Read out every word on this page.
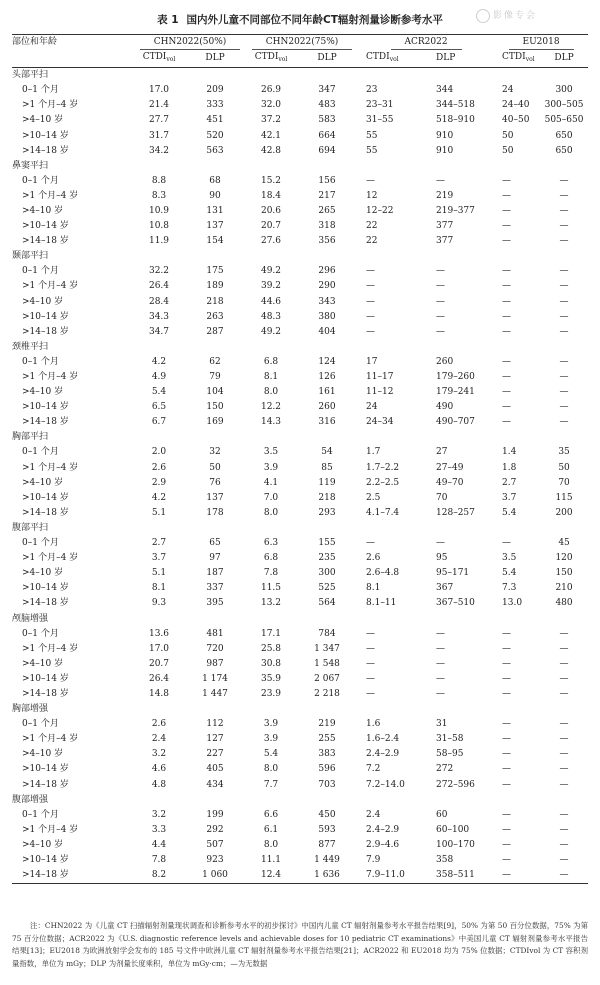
影像专会
表 1 国内外儿童不同部位不同年龄CT辐射剂量诊断参考水平
部位和年龄	CHN2022(50%)		CHN2022(75%)		ACR2022		EU2018	
	$CTDI_{vol}$	DLP	$CTDI_{vol}$	DLP	$CTDI_{vol}$	DLP	$CTDI_{vol}$	DLP
头部平扫								
0–1 个月	17.0	209	26.9	347	23	344	24	300
>1 个月–4 岁	21.4	333	32.0	483	23–31	344–518	24–40	300–505
>4–10 岁	27.7	451	37.2	583	31–55	518–910	40–50	505–650
>10–14 岁	31.7	520	42.1	664	55	910	50	650
>14–18 岁	34.2	563	42.8	694	55	910	50	650
鼻窦平扫								
0–1 个月	8.8	68	15.2	156	—	—	—	—
>1 个月–4 岁	8.3	90	18.4	217	12	219	—	—
>4–10 岁	10.9	131	20.6	265	12–22	219–377	—	—
>10–14 岁	10.8	137	20.7	318	22	377	—	—
>14–18 岁	11.9	154	27.6	356	22	377	—	—
颞部平扫								
0–1 个月	32.2	175	49.2	296	—	—	—	—
>1 个月–4 岁	26.4	189	39.2	290	—	—	—	—
>4–10 岁	28.4	218	44.6	343	—	—	—	—
>10–14 岁	34.3	263	48.3	380	—	—	—	—
>14–18 岁	34.7	287	49.2	404	—	—	—	—
颈椎平扫								
0–1 个月	4.2	62	6.8	124	17	260	—	—
>1 个月–4 岁	4.9	79	8.1	126	11–17	179–260	—	—
>4–10 岁	5.4	104	8.0	161	11–12	179–241	—	—
>10–14 岁	6.5	150	12.2	260	24	490	—	—
>14–18 岁	6.7	169	14.3	316	24–34	490–707	—	—
胸部平扫								
0–1 个月	2.0	32	3.5	54	1.7	27	1.4	35
>1 个月–4 岁	2.6	50	3.9	85	1.7–2.2	27–49	1.8	50
>4–10 岁	2.9	76	4.1	119	2.2–2.5	49–70	2.7	70
>10–14 岁	4.2	137	7.0	218	2.5	70	3.7	115
>14–18 岁	5.1	178	8.0	293	4.1–7.4	128–257	5.4	200
腹部平扫								
0–1 个月	2.7	65	6.3	155	—	—	—	45
>1 个月–4 岁	3.7	97	6.8	235	2.6	95	3.5	120
>4–10 岁	5.1	187	7.8	300	2.6–4.8	95–171	5.4	150
>10–14 岁	8.1	337	11.5	525	8.1	367	7.3	210
>14–18 岁	9.3	395	13.2	564	8.1–11	367–510	13.0	480
颅脑增强								
0–1 个月	13.6	481	17.1	784	—	—	—	—
>1 个月–4 岁	17.0	720	25.8	1 347	—	—	—	—
>4–10 岁	20.7	987	30.8	1 548	—	—	—	—
>10–14 岁	26.4	1 174	35.9	2 067	—	—	—	—
>14–18 岁	14.8	1 447	23.9	2 218	—	—	—	—
胸部增强								
0–1 个月	2.6	112	3.9	219	1.6	31	—	—
>1 个月–4 岁	2.4	127	3.9	255	1.6–2.4	31–58	—	—
>4–10 岁	3.2	227	5.4	383	2.4–2.9	58–95	—	—
>10–14 岁	4.6	405	8.0	596	7.2	272	—	—
>14–18 岁	4.8	434	7.7	703	7.2–14.0	272–596	—	—
腹部增强								
0–1 个月	3.2	199	6.6	450	2.4	60	—	—
>1 个月–4 岁	3.3	292	6.1	593	2.4–2.9	60–100	—	—
>4–10 岁	4.4	507	8.0	877	2.9–4.6	100–170	—	—
>10–14 岁	7.8	923	11.1	1 449	7.9	358	—	—
>14–18 岁	8.2	1 060	12.4	1 636	7.9–11.0	358–511	—	—

注：CHN2022 为《儿童 CT 扫描辐射剂量现状调查和诊断参考水平的初步探讨》中国内儿童 CT 辐射剂量参考水平报告结果[9]，50% 为第 50 百分位数据，75% 为第 75 百分位数据；ACR2022 为《U.S. diagnostic reference levels and achievable doses for 10 pediatric CT examinations》中美国儿童 CT 辐射剂量参考水平报告结果[13]；EU2018 为欧洲放射学会发布的 185 号文件中欧洲儿童 CT 辐射剂量参考水平报告结果[21]；ACR2022 和 EU2018 均为 75% 位数据；CTDIvol 为 CT 容积剂量指数，单位为 mGy；DLP 为剂量长度乘积，单位为 mGy·cm；—为无数据
